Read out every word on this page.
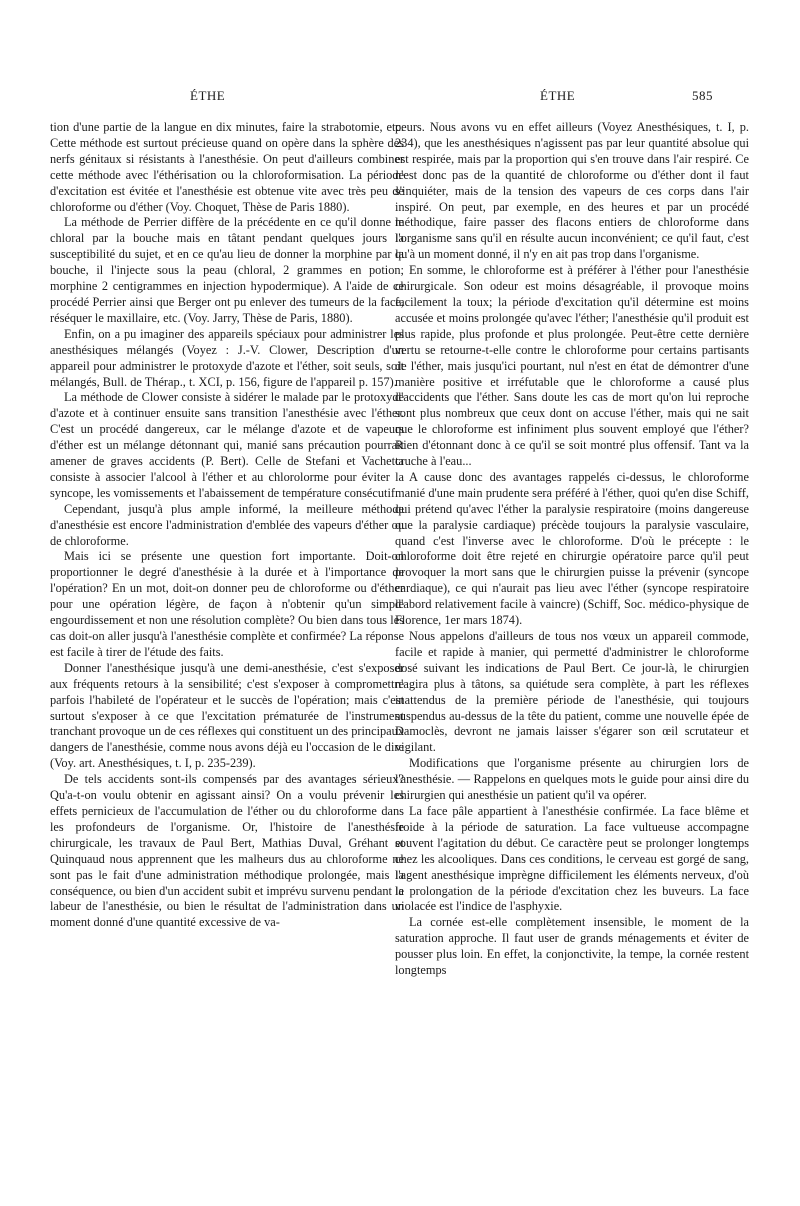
ÉTHE	ÉTHE	585

tion d'une partie de la langue en dix minutes, faire la strabotomie, etc. Cette méthode est surtout précieuse quand on opère dans la sphère des nerfs génitaux si résistants à l'anesthésie. On peut d'ailleurs combiner cette méthode avec l'éthérisation ou la chloroformisation. La période d'excitation est évitée et l'anesthésie est obtenue vite avec très peu de chloroforme ou d'éther (Voy. Choquet, Thèse de Paris 1880).

La méthode de Perrier diffère de la précédente en ce qu'il donne le chloral par la bouche mais en tâtant pendant quelques jours la susceptibilité du sujet, et en ce qu'au lieu de donner la morphine par la bouche, il l'injecte sous la peau (chloral, 2 grammes en potion; morphine 2 centigrammes en injection hypodermique). A l'aide de ce procédé Perrier ainsi que Berger ont pu enlever des tumeurs de la face, réséquer le maxillaire, etc. (Voy. Jarry, Thèse de Paris, 1880).

Enfin, on a pu imaginer des appareils spéciaux pour administrer les anesthésiques mélangés (Voyez : J.-V. Clower, Description d'un appareil pour administrer le protoxyde d'azote et l'éther, soit seuls, soit mélangés, Bull. de Thérap., t. XCI, p. 156, figure de l'appareil p. 157).

La méthode de Clower consiste à sidérer le malade par le protoxyde d'azote et à continuer ensuite sans transition l'anesthésie avec l'éther. C'est un procédé dangereux, car le mélange d'azote et de vapeurs d'éther est un mélange détonnant qui, manié sans précaution pourrait amener de graves accidents (P. Bert). Celle de Stefani et Vachetta consiste à associer l'alcool à l'éther et au chlorolorme pour éviter la syncope, les vomissements et l'abaissement de température consécutif.

Cependant, jusqu'à plus ample informé, la meilleure méthode d'anesthésie est encore l'administration d'emblée des vapeurs d'éther ou de chloroforme.

Mais ici se présente une question fort importante. Doit-on proportionner le degré d'anesthésie à la durée et à l'importance de l'opération? En un mot, doit-on donner peu de chloroforme ou d'éther pour une opération légère, de façon à n'obtenir qu'un simple engourdissement et non une résolution complète? Ou bien dans tous les cas doit-on aller jusqu'à l'anesthésie complète et confirmée? La réponse est facile à tirer de l'étude des faits.

Donner l'anesthésique jusqu'à une demi-anesthésie, c'est s'exposer aux fréquents retours à la sensibilité; c'est s'exposer à compromettre parfois l'habileté de l'opérateur et le succès de l'opération; mais c'est surtout s'exposer à ce que l'excitation prématurée de l'instrument tranchant provoque un de ces réflexes qui constituent un des principaux dangers de l'anesthésie, comme nous avons déjà eu l'occasion de le dire (Voy. art. Anesthésiques, t. I, p. 235-239).

De tels accidents sont-ils compensés par des avantages sérieux? Qu'a-t-on voulu obtenir en agissant ainsi? On a voulu prévenir les effets pernicieux de l'accumulation de l'éther ou du chloroforme dans les profondeurs de l'organisme. Or, l'histoire de l'anesthésie chirurgicale, les travaux de Paul Bert, Mathias Duval, Gréhant et Quinquaud nous apprennent que les malheurs dus au chloroforme ne sont pas le fait d'une administration méthodique prolongée, mais la conséquence, ou bien d'un accident subit et imprévu survenu pendant le labeur de l'anesthésie, ou bien le résultat de l'administration dans un moment donné d'une quantité excessive de va-

peurs. Nous avons vu en effet ailleurs (Voyez Anesthésiques, t. I, p. 234), que les anesthésiques n'agissent pas par leur quantité absolue qui est respirée, mais par la proportion qui s'en trouve dans l'air respiré. Ce n'est donc pas de la quantité de chloroforme ou d'éther dont il faut s'inquiéter, mais de la tension des vapeurs de ces corps dans l'air inspiré. On peut, par exemple, en des heures et par un procédé méthodique, faire passer des flacons entiers de chloroforme dans l'organisme sans qu'il en résulte aucun inconvénient; ce qu'il faut, c'est qu'à un moment donné, il n'y en ait pas trop dans l'organisme.

En somme, le chloroforme est à préférer à l'éther pour l'anesthésie chirurgicale. Son odeur est moins désagréable, il provoque moins facilement la toux; la période d'excitation qu'il détermine est moins accusée et moins prolongée qu'avec l'éther; l'anesthésie qu'il produit est plus rapide, plus profonde et plus prolongée. Peut-être cette dernière vertu se retourne-t-elle contre le chloroforme pour certains partisants de l'éther, mais jusqu'ici pourtant, nul n'est en état de démontrer d'une manière positive et irréfutable que le chloroforme a causé plus d'accidents que l'éther. Sans doute les cas de mort qu'on lui reproche sont plus nombreux que ceux dont on accuse l'éther, mais qui ne sait que le chloroforme est infiniment plus souvent employé que l'éther? Rien d'étonnant donc à ce qu'il se soit montré plus offensif. Tant va la cruche à l'eau...

A cause donc des avantages rappelés ci-dessus, le chloroforme manié d'une main prudente sera préféré à l'éther, quoi qu'en dise Schiff, qui prétend qu'avec l'éther la paralysie respiratoire (moins dangereuse que la paralysie cardiaque) précède toujours la paralysie vasculaire, quand c'est l'inverse avec le chloroforme. D'où le précepte : le chloroforme doit être rejeté en chirurgie opératoire parce qu'il peut provoquer la mort sans que le chirurgien puisse la prévenir (syncope cardiaque), ce qui n'aurait pas lieu avec l'éther (syncope respiratoire d'abord relativement facile à vaincre) (Schiff, Soc. médico-physique de Florence, 1er mars 1874).

Nous appelons d'ailleurs de tous nos vœux un appareil commode, facile et rapide à manier, qui permetté d'administrer le chloroforme dosé suivant les indications de Paul Bert. Ce jour-là, le chirurgien n'agira plus à tâtons, sa quiétude sera complète, à part les réflexes inattendus de la première période de l'anesthésie, qui toujours suspendus au-dessus de la tête du patient, comme une nouvelle épée de Damoclès, devront ne jamais laisser s'égarer son œil scrutateur et vigilant.

Modifications que l'organisme présente au chirurgien lors de l'anesthésie. — Rappelons en quelques mots le guide pour ainsi dire du chirurgien qui anesthésie un patient qu'il va opérer.

La face pâle appartient à l'anesthésie confirmée. La face blême et froide à la période de saturation. La face vultueuse accompagne souvent l'agitation du début. Ce caractère peut se prolonger longtemps chez les alcooliques. Dans ces conditions, le cerveau est gorgé de sang, l'agent anesthésique imprègne difficilement les éléments nerveux, d'où la prolongation de la période d'excitation chez les buveurs. La face violacée est l'indice de l'asphyxie.

La cornée est-elle complètement insensible, le moment de la saturation approche. Il faut user de grands ménagements et éviter de pousser plus loin. En effet, la conjonctivite, la tempe, la cornée restent longtemps
